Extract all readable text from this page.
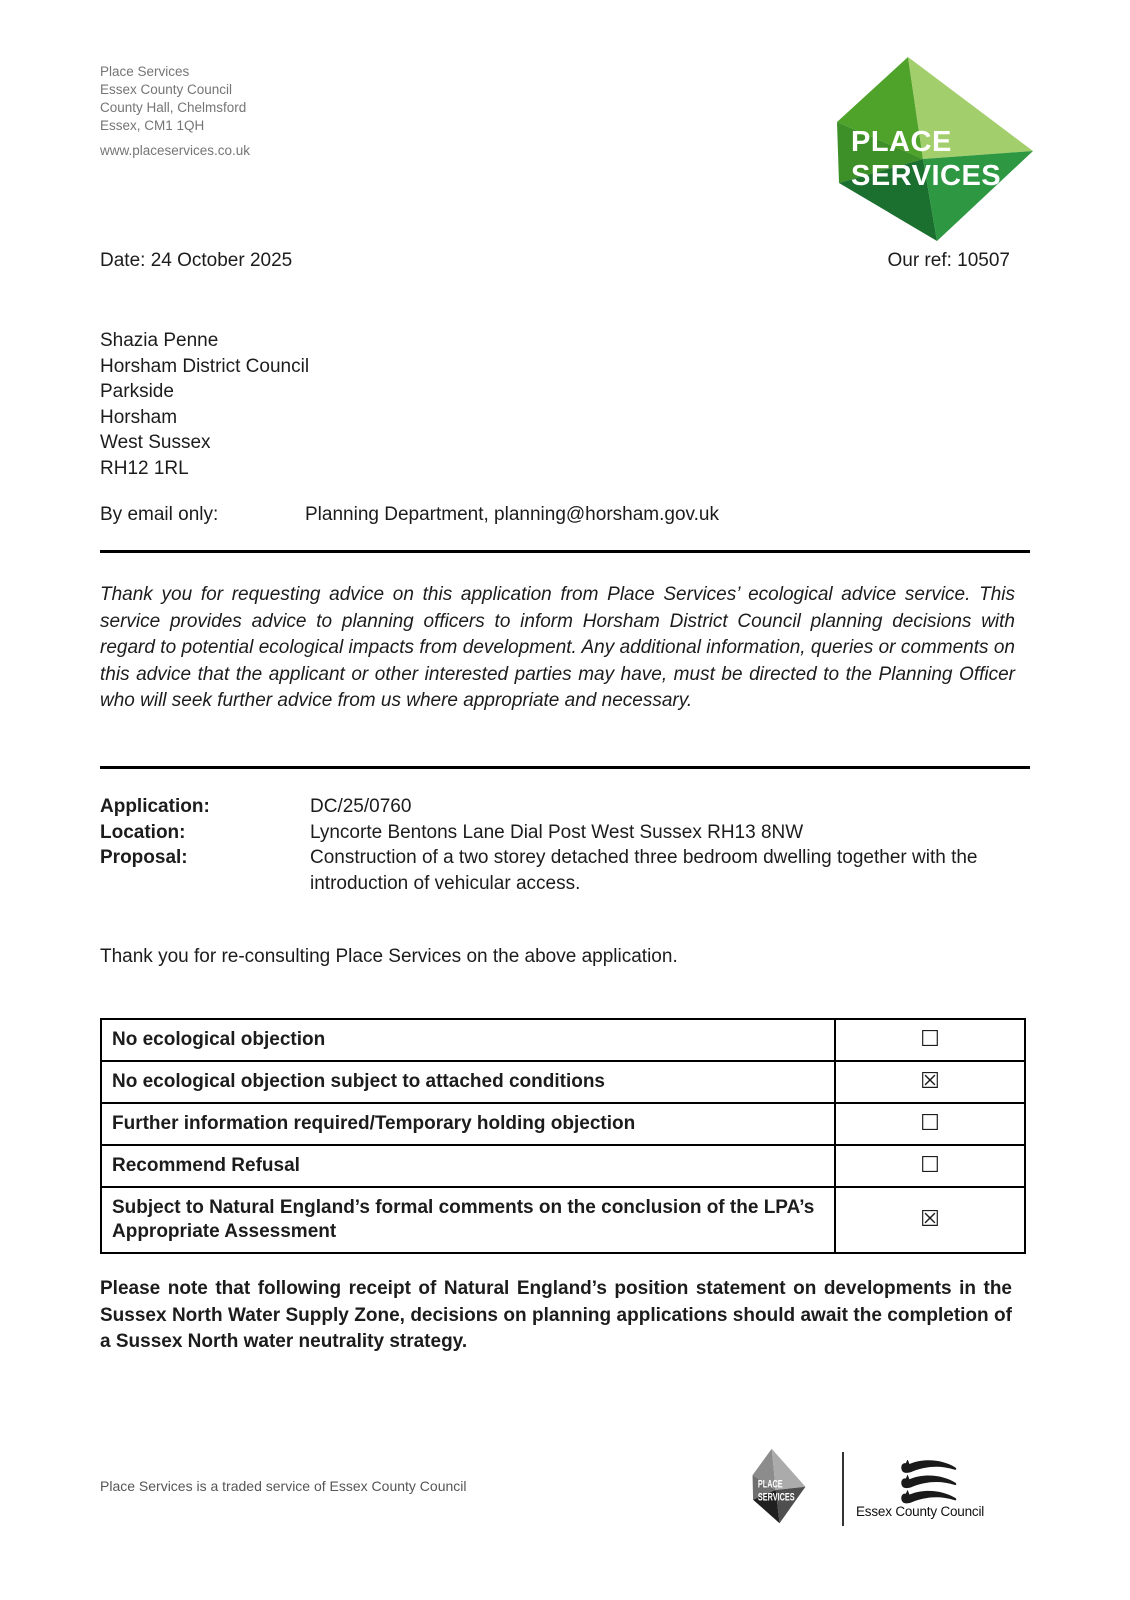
Place Services
Essex County Council
County Hall, Chelmsford
Essex, CM1 1QH
www.placeservices.co.uk	PLACE
SERVICES
Date: 24 October 2025	Our ref: 10507
Shazia Penne
Horsham District Council
Parkside
Horsham
West Sussex
RH12 1RL
By email only:	Planning Department, planning@horsham.gov.uk

Thank you for requesting advice on this application from Place Services’ ecological advice service. This service provides advice to planning officers to inform Horsham District Council planning decisions with regard to potential ecological impacts from development. Any additional information, queries or comments on this advice that the applicant or other interested parties may have, must be directed to the Planning Officer who will seek further advice from us where appropriate and necessary.

Application:	DC/25/0760
Location:	Lyncorte Bentons Lane Dial Post West Sussex RH13 8NW
Proposal:	Construction of a two storey detached three bedroom dwelling together with the introduction of vehicular access.

Thank you for re-consulting Place Services on the above application.

No ecological objection	☐
No ecological objection subject to attached conditions	☒
Further information required/Temporary holding objection	☐
Recommend Refusal	☐
Subject to Natural England’s formal comments on the conclusion of the LPA’s Appropriate Assessment	☒

Please note that following receipt of Natural England’s position statement on developments in the Sussex North Water Supply Zone, decisions on planning applications should await the completion of a Sussex North water neutrality strategy.

Place Services is a traded service of Essex County Council	PLACE
SERVICES
Essex County Council
